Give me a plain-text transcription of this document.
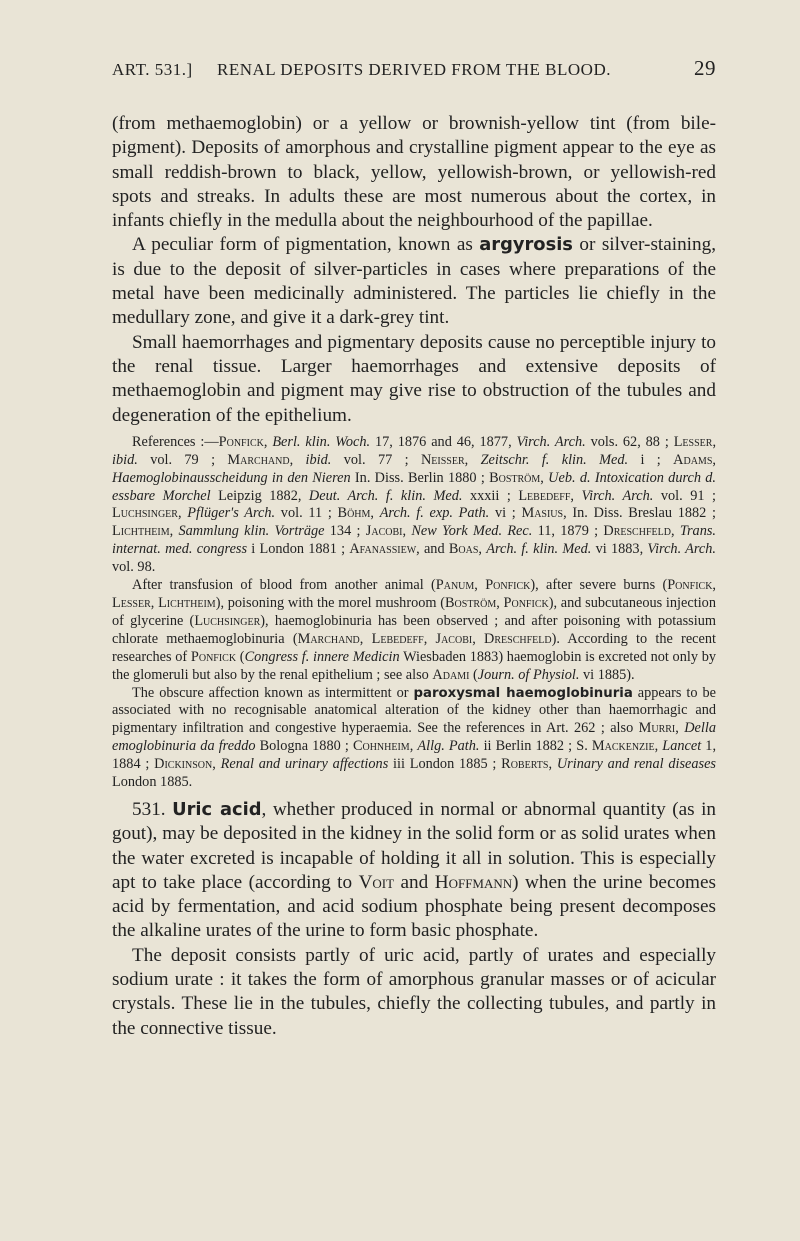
ART. 531.]	RENAL DEPOSITS DERIVED FROM THE BLOOD.	29

(from methaemoglobin) or a yellow or brownish-yellow tint (from bile-pigment). Deposits of amorphous and crystalline pigment appear to the eye as small reddish-brown to black, yellow, yellowish-brown, or yellowish-red spots and streaks. In adults these are most numerous about the cortex, in infants chiefly in the medulla about the neighbourhood of the papillae.

A peculiar form of pigmentation, known as argyrosis or silver-staining, is due to the deposit of silver-particles in cases where preparations of the metal have been medicinally administered. The particles lie chiefly in the medullary zone, and give it a dark-grey tint.

Small haemorrhages and pigmentary deposits cause no perceptible injury to the renal tissue. Larger haemorrhages and extensive deposits of methaemoglobin and pigment may give rise to obstruction of the tubules and degeneration of the epithelium.

References :—Ponfick, Berl. klin. Woch. 17, 1876 and 46, 1877, Virch. Arch. vols. 62, 88 ; Lesser, ibid. vol. 79 ; Marchand, ibid. vol. 77 ; Neisser, Zeitschr. f. klin. Med. i ; Adams, Haemoglobinausscheidung in den Nieren In. Diss. Berlin 1880 ; Boström, Ueb. d. Intoxication durch d. essbare Morchel Leipzig 1882, Deut. Arch. f. klin. Med. xxxii ; Lebedeff, Virch. Arch. vol. 91 ; Luchsinger, Pflüger's Arch. vol. 11 ; Böhm, Arch. f. exp. Path. vi ; Masius, In. Diss. Breslau 1882 ; Lichtheim, Sammlung klin. Vorträge 134 ; Jacobi, New York Med. Rec. 11, 1879 ; Dreschfeld, Trans. internat. med. congress i London 1881 ; Afanassiew, and Boas, Arch. f. klin. Med. vi 1883, Virch. Arch. vol. 98.

After transfusion of blood from another animal (Panum, Ponfick), after severe burns (Ponfick, Lesser, Lichtheim), poisoning with the morel mushroom (Boström, Ponfick), and subcutaneous injection of glycerine (Luchsinger), haemoglobinuria has been observed ; and after poisoning with potassium chlorate methaemoglobinuria (Marchand, Lebedeff, Jacobi, Dreschfeld). According to the recent researches of Ponfick (Congress f. innere Medicin Wiesbaden 1883) haemoglobin is excreted not only by the glomeruli but also by the renal epithelium ; see also Adami (Journ. of Physiol. vi 1885).

The obscure affection known as intermittent or paroxysmal haemoglobinuria appears to be associated with no recognisable anatomical alteration of the kidney other than haemorrhagic and pigmentary infiltration and congestive hyperaemia. See the references in Art. 262 ; also Murri, Della emoglobinuria da freddo Bologna 1880 ; Cohnheim, Allg. Path. ii Berlin 1882 ; S. Mackenzie, Lancet 1, 1884 ; Dickinson, Renal and urinary affections iii London 1885 ; Roberts, Urinary and renal diseases London 1885.

531. Uric acid, whether produced in normal or abnormal quantity (as in gout), may be deposited in the kidney in the solid form or as solid urates when the water excreted is incapable of holding it all in solution. This is especially apt to take place (according to Voit and Hoffmann) when the urine becomes acid by fermentation, and acid sodium phosphate being present decomposes the alkaline urates of the urine to form basic phosphate.

The deposit consists partly of uric acid, partly of urates and especially sodium urate : it takes the form of amorphous granular masses or of acicular crystals. These lie in the tubules, chiefly the collecting tubules, and partly in the connective tissue.
